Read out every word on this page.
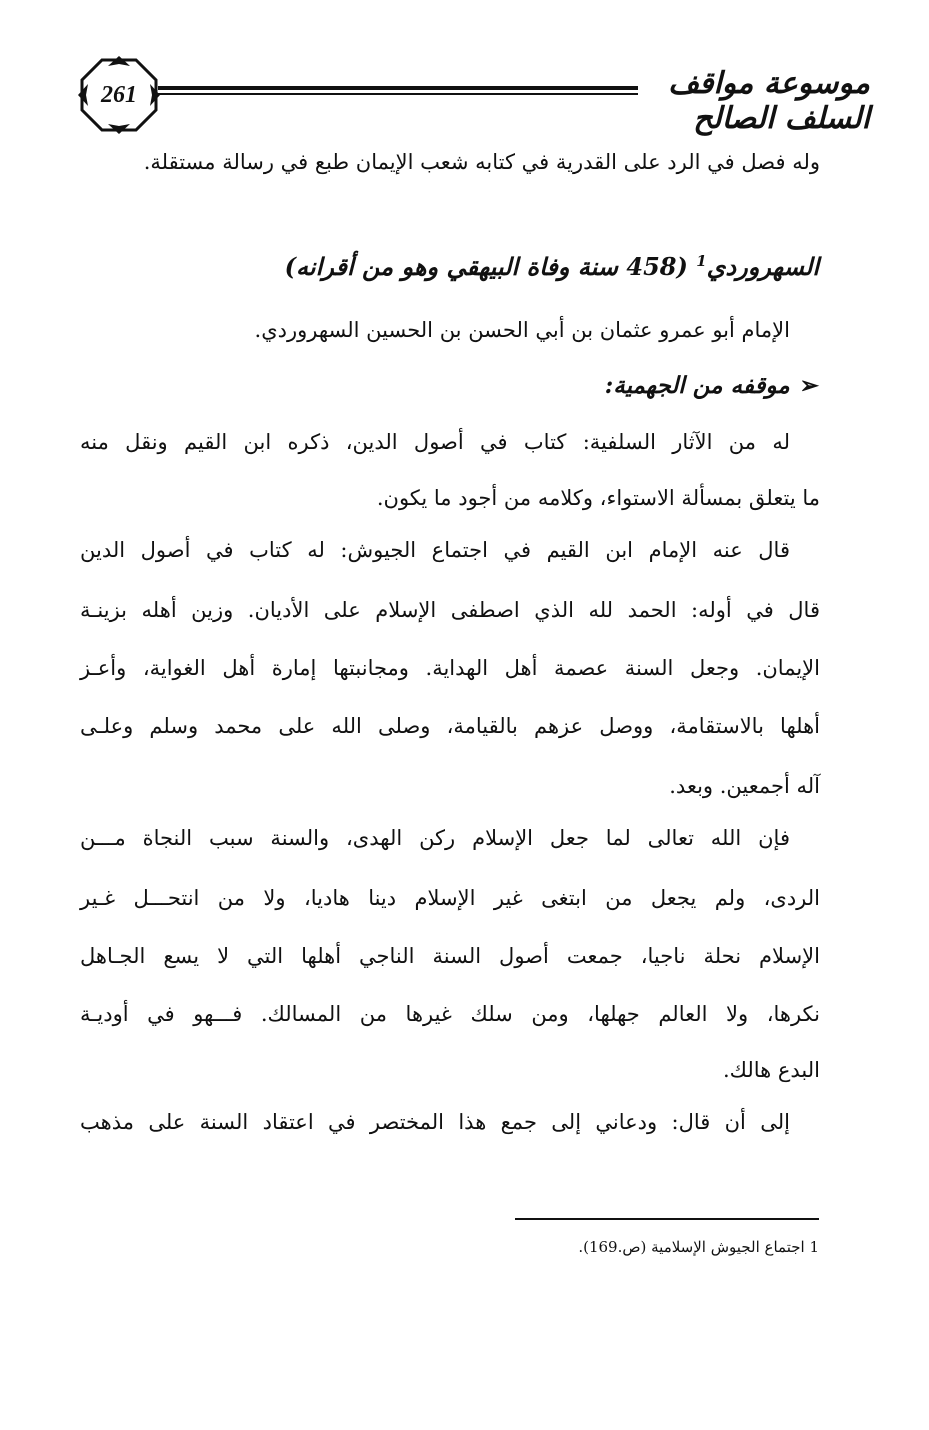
261	موسوعة مواقف السلف الصالح
وله فصل في الرد على القدرية في كتابه شعب الإيمان طبع في رسالة مستقلة.
السهروردي$^1$ (458 سنة وفاة البيهقي وهو من أقرانه)
الإمام أبو عمرو عثمان بن أبي الحسن بن الحسين السهروردي.
➢موقفه من الجهمية:
له من الآثار السلفية: كتاب في أصول الدين، ذكره ابن القيم ونقل منه
ما يتعلق بمسألة الاستواء، وكلامه من أجود ما يكون.
قال عنه الإمام ابن القيم في اجتماع الجيوش: له كتاب في أصول الدين
قال في أوله: الحمد لله الذي اصطفى الإسلام على الأديان. وزين أهله بزينـة
الإيمان. وجعل السنة عصمة أهل الهداية. ومجانبتها إمارة أهل الغواية، وأعـز
أهلها بالاستقامة، ووصل عزهم بالقيامة، وصلى الله على محمد وسلم وعلـى
آله أجمعين. وبعد.
فإن الله تعالى لما جعل الإسلام ركن الهدى، والسنة سبب النجاة مـــن
الردى، ولم يجعل من ابتغى غير الإسلام دينا هاديا، ولا من انتحـــل غـير
الإسلام نحلة ناجيا، جمعت أصول السنة الناجي أهلها التي لا يسع الجـاهل
نكرها، ولا العالم جهلها، ومن سلك غيرها من المسالك. فـــهو في أوديـة
البدع هالك.
إلى أن قال: ودعاني إلى جمع هذا المختصر في اعتقاد السنة على مذهب
1 اجتماع الجيوش الإسلامية (ص.169).
